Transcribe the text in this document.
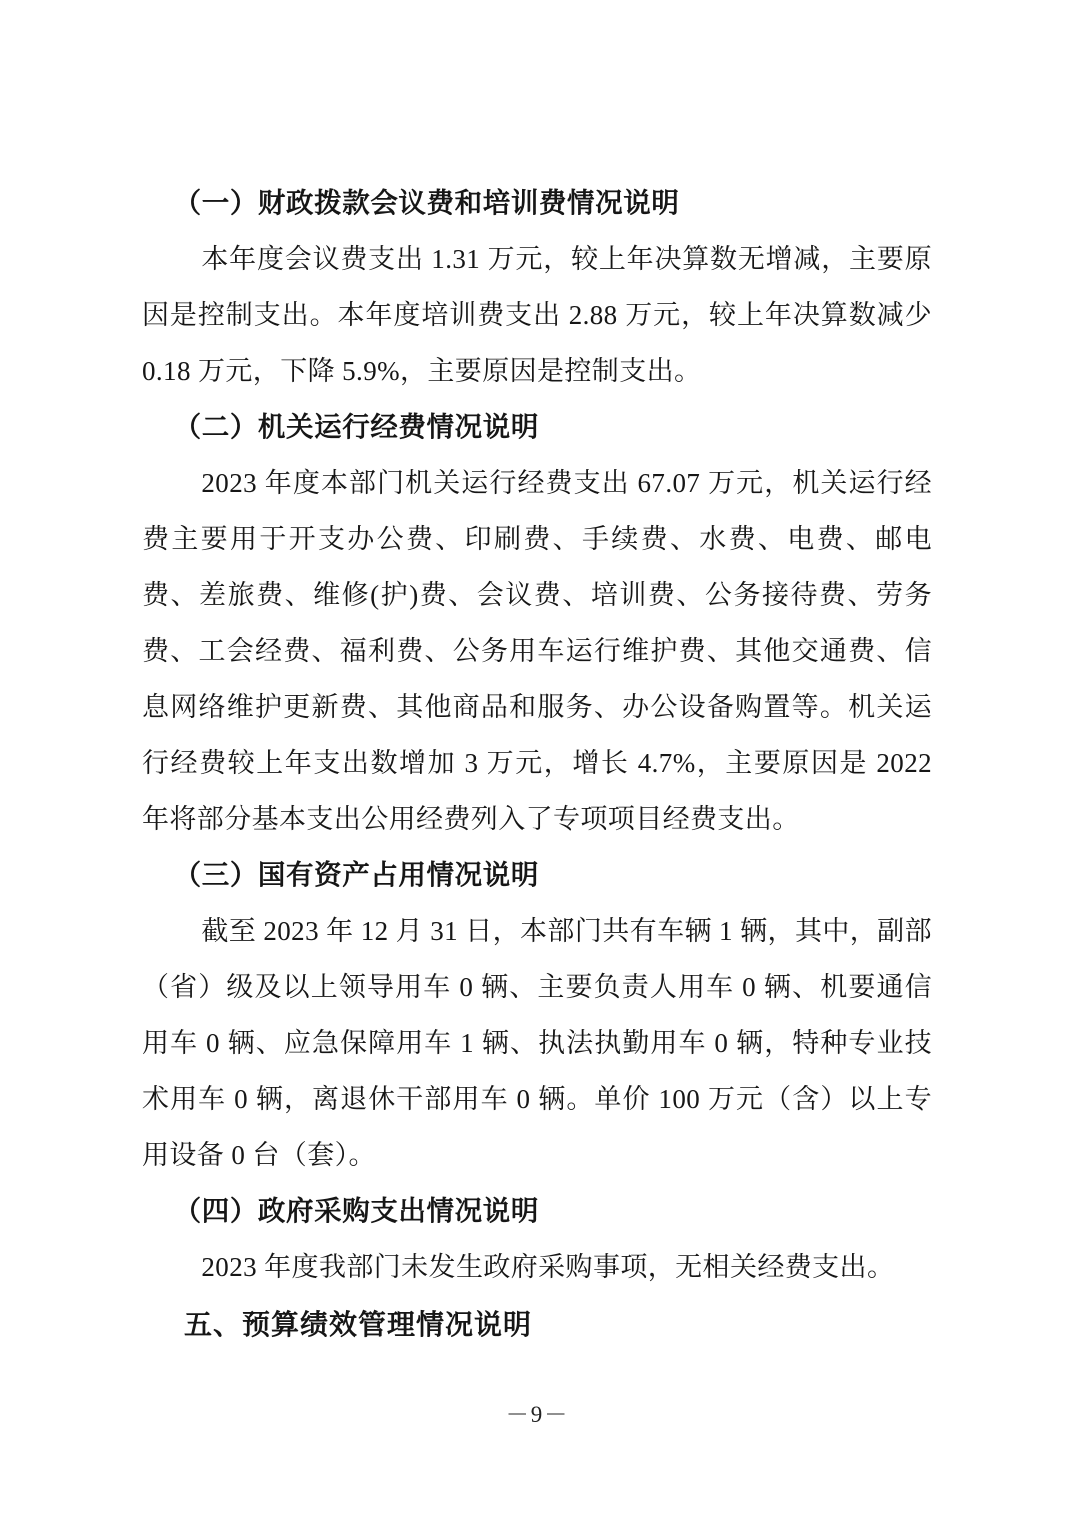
（一）财政拨款会议费和培训费情况说明

本年度会议费支出 1.31 万元，较上年决算数无增减，主要原因是控制支出。本年度培训费支出 2.88 万元，较上年决算数减少 0.18 万元，下降 5.9%，主要原因是控制支出。

（二）机关运行经费情况说明

2023 年度本部门机关运行经费支出 67.07 万元，机关运行经费主要用于开支办公费、印刷费、手续费、水费、电费、邮电费、差旅费、维修(护)费、会议费、培训费、公务接待费、劳务费、工会经费、福利费、公务用车运行维护费、其他交通费、信息网络维护更新费、其他商品和服务、办公设备购置等。机关运行经费较上年支出数增加 3 万元，增长 4.7%，主要原因是 2022 年将部分基本支出公用经费列入了专项项目经费支出。

（三）国有资产占用情况说明

截至 2023 年 12 月 31 日，本部门共有车辆 1 辆，其中，副部（省）级及以上领导用车 0 辆、主要负责人用车 0 辆、机要通信用车 0 辆、应急保障用车 1 辆、执法执勤用车 0 辆，特种专业技术用车 0 辆，离退休干部用车 0 辆。单价 100 万元（含）以上专用设备 0 台（套）。

（四）政府采购支出情况说明

2023 年度我部门未发生政府采购事项，无相关经费支出。

五、预算绩效管理情况说明
－9－
